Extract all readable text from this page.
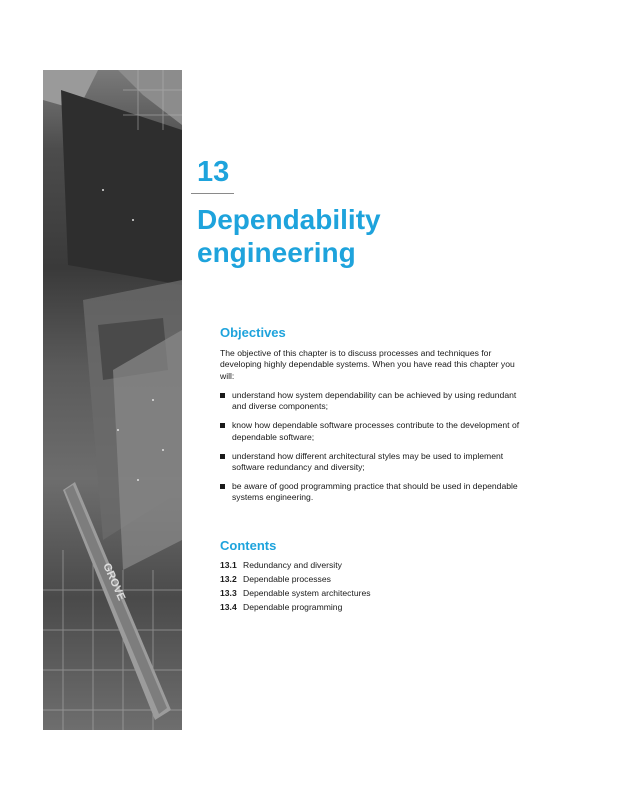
GROVE
13
Dependability engineering
Objectives

The objective of this chapter is to discuss processes and techniques for developing highly dependable systems. When you have read this chapter you will:

understand how system dependability can be achieved by using redundant and diverse components;
know how dependable software processes contribute to the development of dependable software;
understand how different architectural styles may be used to implement software redundancy and diversity;
be aware of good programming practice that should be used in dependable systems engineering.
Contents
13.1 Redundancy and diversity
13.2 Dependable processes
13.3 Dependable system architectures
13.4 Dependable programming
